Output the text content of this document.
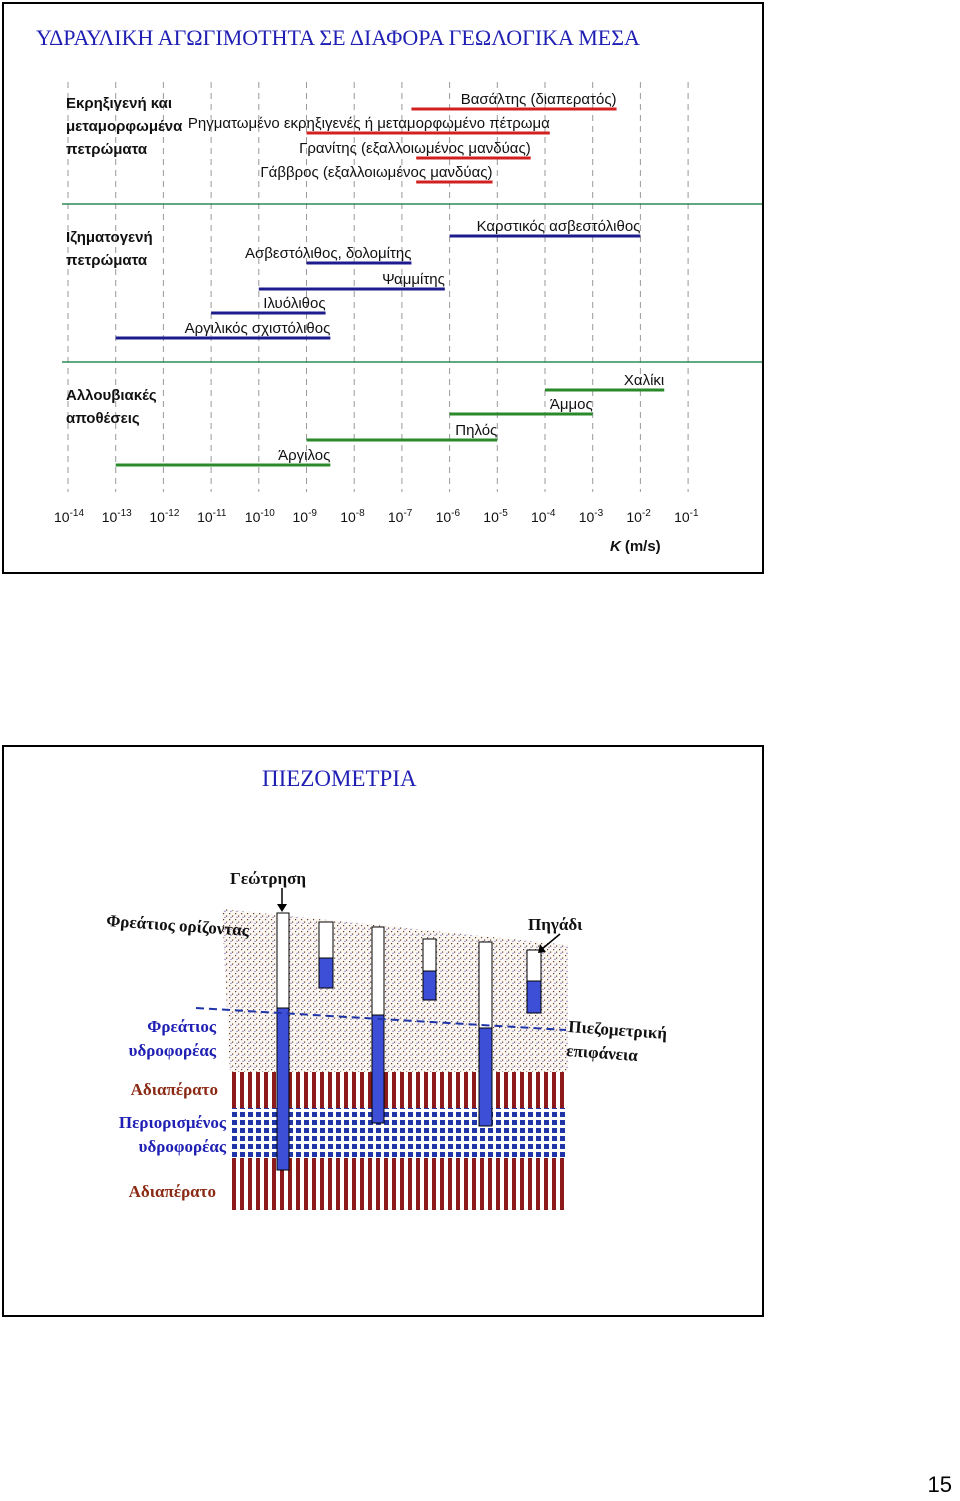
ΥΔΡΑΥΛΙΚΗ ΑΓΩΓΙΜΟΤΗΤΑ ΣΕ ΔΙΑΦΟΡΑ ΓΕΩΛΟΓΙΚΑ ΜΕΣΑ
Εκρηξιγενή και
μεταμορφωμένα
πετρώματα
Ιζηματογενή
πετρώματα
Αλλουβιακές
αποθέσεις
Βασάλτης (διαπερατός)
Ρηγματωμένο εκρηξιγενές ή μεταμορφωμένο πέτρωμα
Γρανίτης (εξαλλοιωμένος μανδύας)
Γάββρος (εξαλλοιωμένος μανδύας)
Καρστικός ασβεστόλιθος
Ασβεστόλιθος, δολομίτης
Ψαμμίτης
Ιλυόλιθος
Αργιλικός σχιστόλιθος
Χαλίκι
Άμμος
Πηλός
Άργιλος
$10^{-14}$ $10^{-13}$ $10^{-12}$ $10^{-11}$ $10^{-10}$ $10^{-9}$ $10^{-8}$ $10^{-7}$ $10^{-6}$ $10^{-5}$ $10^{-4}$ $10^{-3}$ $10^{-2}$ $10^{-1}$
K (m/s)
ΠΙΕΖΟΜΕΤΡΙΑ
Γεώτρηση
Φρεάτιος ορίζοντας	Πηγάδι
Φρεάτιος
υδροφορέας
Πιεζομετρική
επιφάνεια
Αδιαπέρατο
Περιορισμένος
υδροφορέας
Αδιαπέρατο
15
